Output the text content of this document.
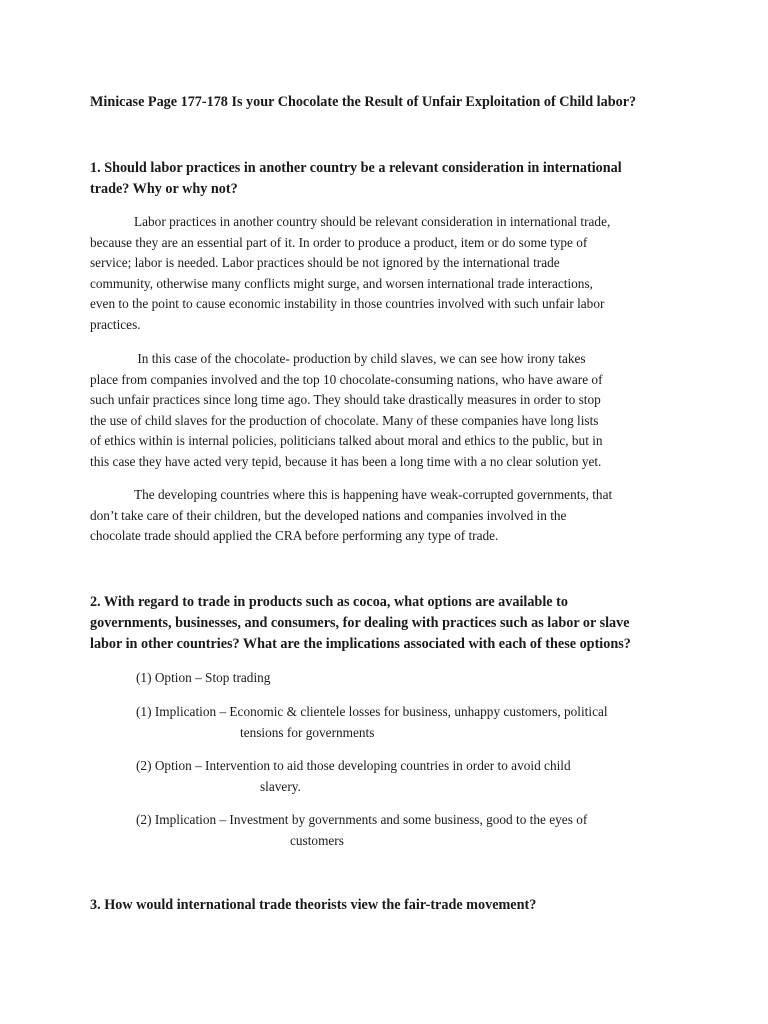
Minicase Page 177-178 Is your Chocolate the Result of Unfair Exploitation of Child labor?
1. Should labor practices in another country be a relevant consideration in international
trade? Why or why not?
Labor practices in another country should be relevant consideration in international trade,
because they are an essential part of it. In order to produce a product, item or do some type of
service; labor is needed. Labor practices should be not ignored by the international trade
community, otherwise many conflicts might surge, and worsen international trade interactions,
even to the point to cause economic instability in those countries involved with such unfair labor
practices.
In this case of the chocolate- production by child slaves, we can see how irony takes
place from companies involved and the top 10 chocolate-consuming nations, who have aware of
such unfair practices since long time ago. They should take drastically measures in order to stop
the use of child slaves for the production of chocolate. Many of these companies have long lists
of ethics within is internal policies, politicians talked about moral and ethics to the public, but in
this case they have acted very tepid, because it has been a long time with a no clear solution yet.
The developing countries where this is happening have weak-corrupted governments, that
don’t take care of their children, but the developed nations and companies involved in the
chocolate trade should applied the CRA before performing any type of trade.
2. With regard to trade in products such as cocoa, what options are available to
governments, businesses, and consumers, for dealing with practices such as labor or slave
labor in other countries? What are the implications associated with each of these options?
(1) Option – Stop trading
(1) Implication – Economic & clientele losses for business, unhappy customers, political
tensions for governments
(2) Option – Intervention to aid those developing countries in order to avoid child
slavery.
(2) Implication – Investment by governments and some business, good to the eyes of
customers
3. How would international trade theorists view the fair-trade movement?
